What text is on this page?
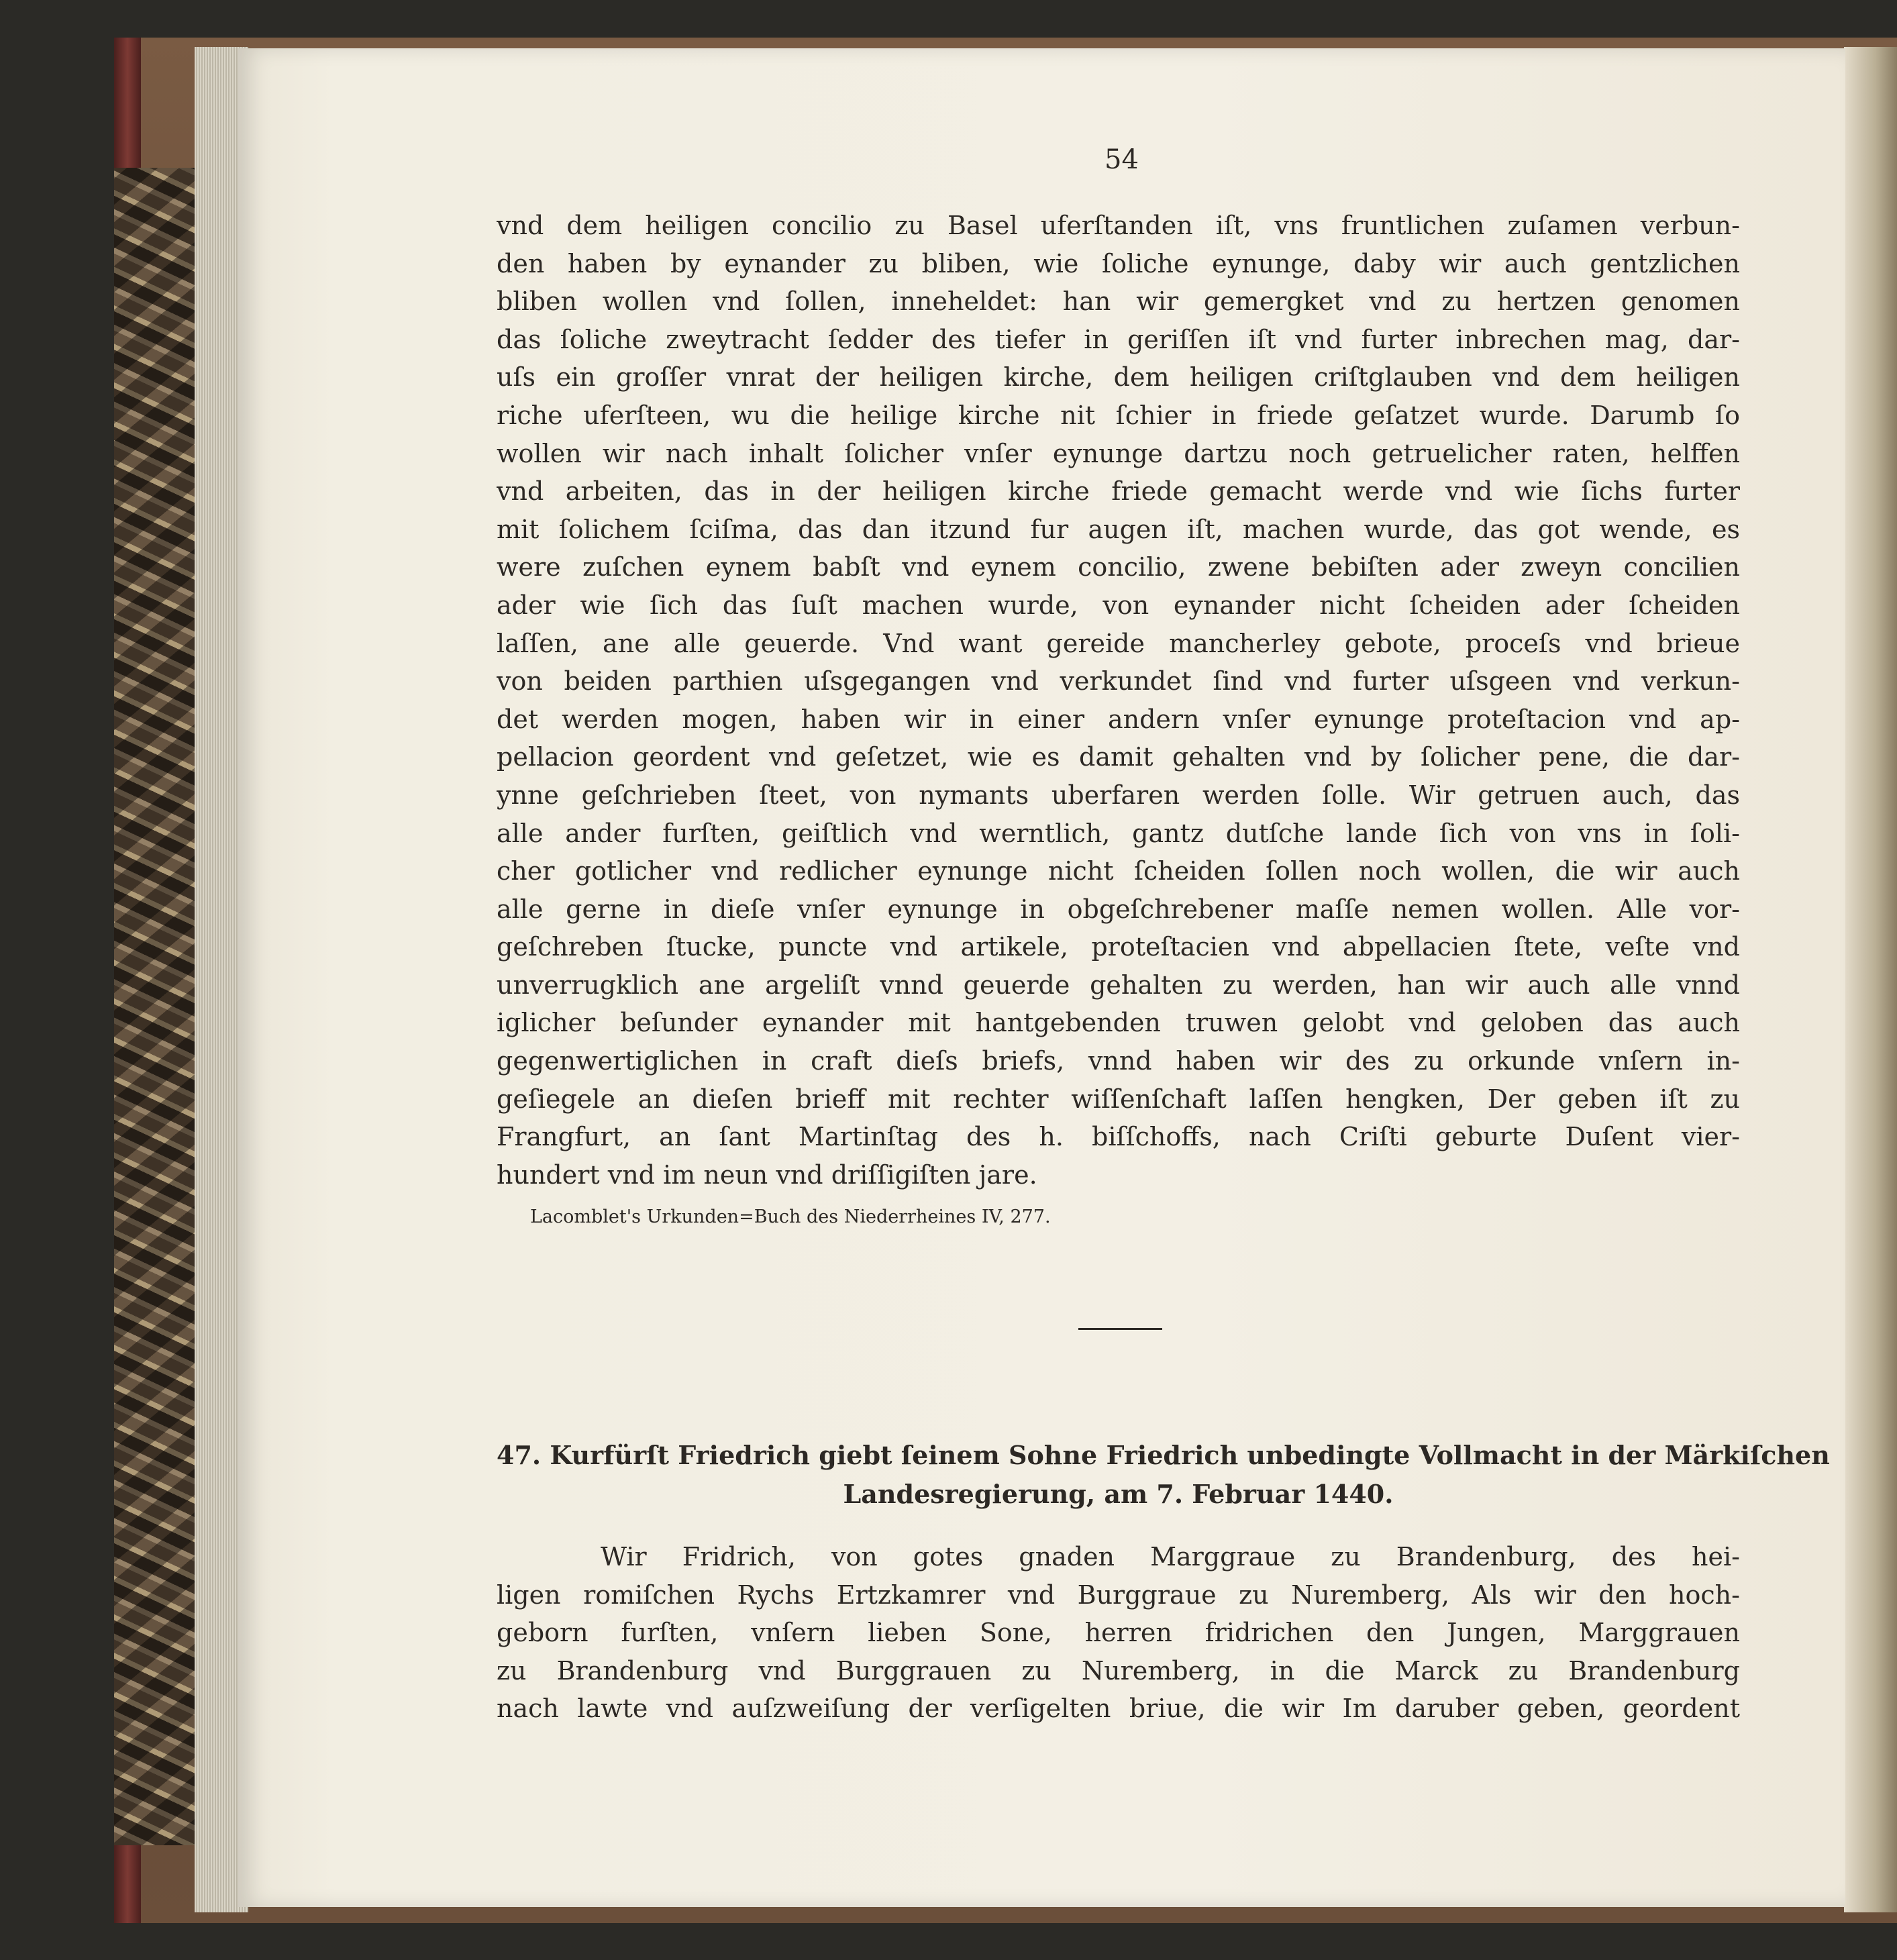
54
vnd dem heiligen concilio zu Basel uferſtanden iſt, vns fruntlichen zuſamen verbun-
den haben by eynander zu bliben, wie ſoliche eynunge, daby wir auch gentzlichen
bliben wollen vnd ſollen, inneheldet: han wir gemergket vnd zu hertzen genomen
das ſoliche zweytracht ſedder des tiefer in geriſſen iſt vnd furter inbrechen mag, dar-
uſs ein groſſer vnrat der heiligen kirche, dem heiligen criſtglauben vnd dem heiligen
riche uferſteen, wu die heilige kirche nit ſchier in friede geſatzet wurde. Darumb ſo
wollen wir nach inhalt ſolicher vnſer eynunge dartzu noch getruelicher raten, helffen
vnd arbeiten, das in der heiligen kirche friede gemacht werde vnd wie ſichs furter
mit ſolichem ſciſma, das dan itzund fur augen iſt, machen wurde, das got wende, es
were zuſchen eynem babſt vnd eynem concilio, zwene bebiſten ader zweyn concilien
ader wie ſich das ſuſt machen wurde, von eynander nicht ſcheiden ader ſcheiden
laſſen, ane alle geuerde. Vnd want gereide mancherley gebote, proceſs vnd brieue
von beiden parthien uſsgegangen vnd verkundet ſind vnd furter uſsgeen vnd verkun-
det werden mogen, haben wir in einer andern vnſer eynunge proteſtacion vnd ap-
pellacion geordent vnd geſetzet, wie es damit gehalten vnd by ſolicher pene, die dar-
ynne geſchrieben ſteet, von nymants uberfaren werden ſolle. Wir getruen auch, das
alle ander furſten, geiſtlich vnd werntlich, gantz dutſche lande ſich von vns in ſoli-
cher gotlicher vnd redlicher eynunge nicht ſcheiden ſollen noch wollen, die wir auch
alle gerne in dieſe vnſer eynunge in obgeſchrebener maſſe nemen wollen. Alle vor-
geſchreben ſtucke, puncte vnd artikele, proteſtacien vnd abpellacien ſtete, veſte vnd
unverrugklich ane argeliſt vnnd geuerde gehalten zu werden, han wir auch alle vnnd
iglicher beſunder eynander mit hantgebenden truwen gelobt vnd geloben das auch
gegenwertiglichen in craft dieſs briefs, vnnd haben wir des zu orkunde vnſern in-
geſiegele an dieſen brieff mit rechter wiſſenſchaft laſſen hengken, Der geben iſt zu
Frangfurt, an ſant Martinſtag des h. biſſchoffs, nach Criſti geburte Duſent vier-
hundert vnd im neun vnd driſſigiſten jare.
Lacomblet's Urkunden=Buch des Niederrheines IV, 277.
47. Kurfürſt Friedrich giebt ſeinem Sohne Friedrich unbedingte Vollmacht in der Märkiſchen
Landesregierung, am 7. Februar 1440.
Wir Fridrich, von gotes gnaden Marggraue zu Brandenburg, des hei-
ligen romiſchen Rychs Ertzkamrer vnd Burggraue zu Nuremberg, Als wir den hoch-
geborn furſten, vnſern lieben Sone, herren fridrichen den Jungen, Marggrauen
zu Brandenburg vnd Burggrauen zu Nuremberg, in die Marck zu Brandenburg
nach lawte vnd auſzweiſung der verſigelten briue, die wir Im daruber geben, geordent
